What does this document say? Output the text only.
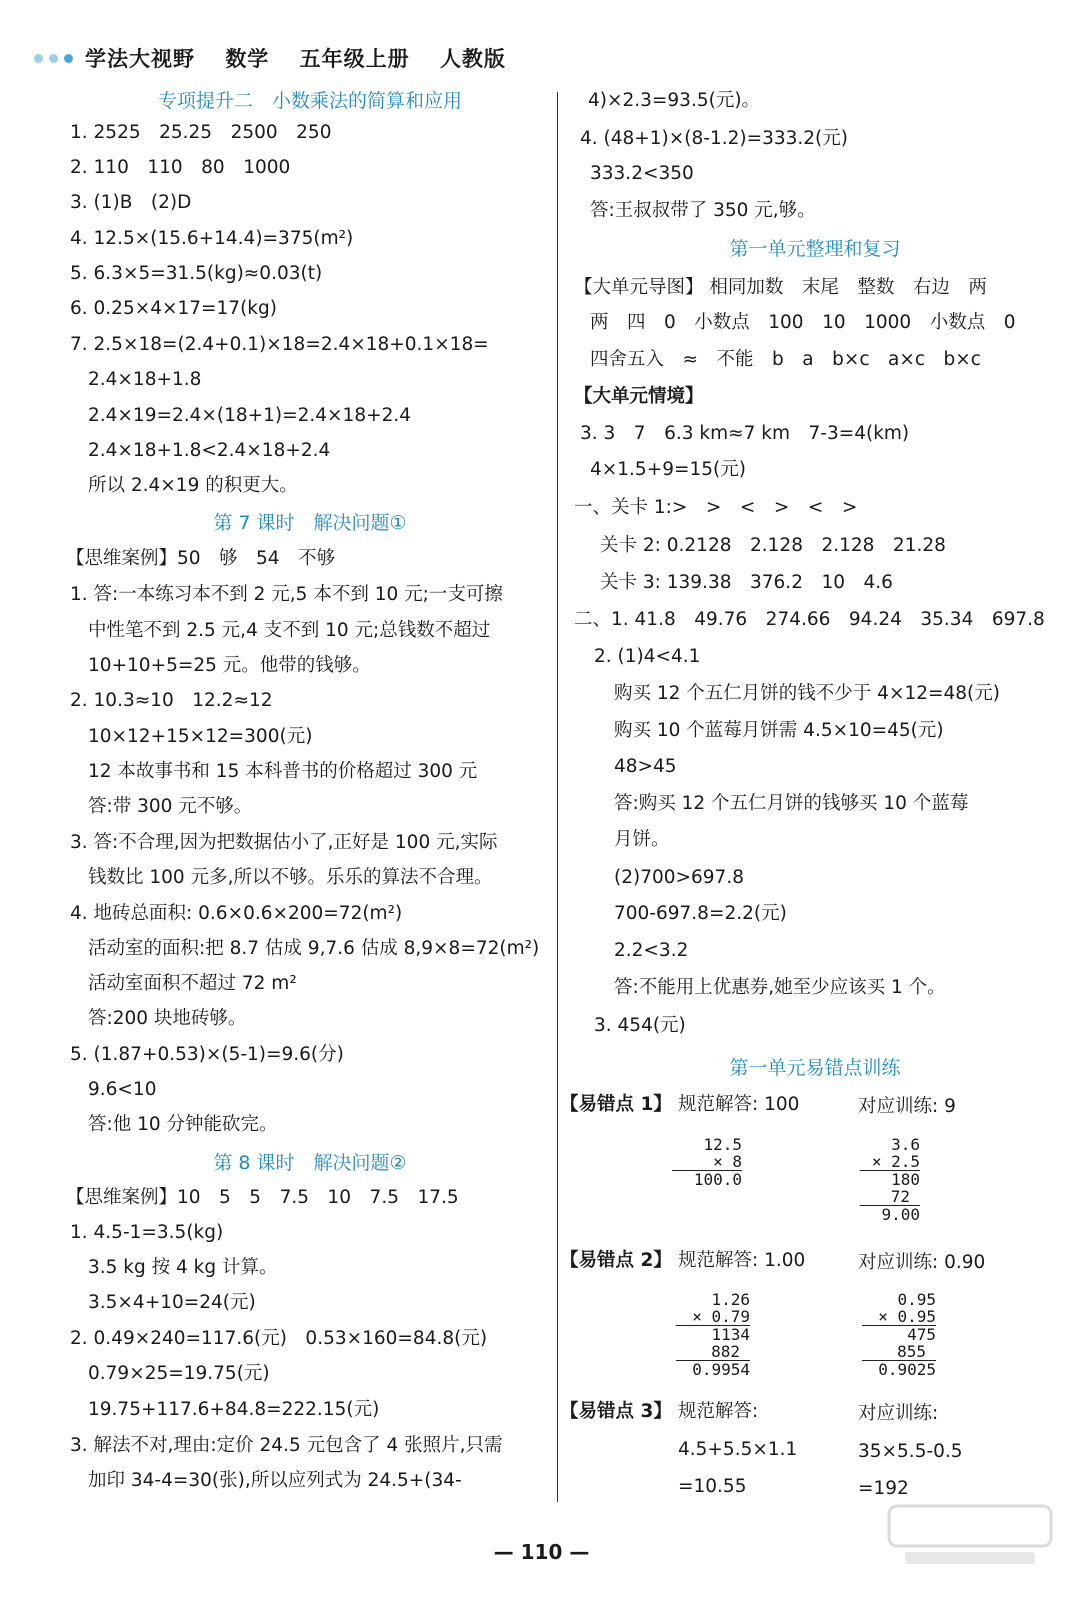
学法大视野 数学 五年级上册 人教版
专项提升二　小数乘法的简算和应用
1. 2525　25.25　2500　250
2. 110　110　80　1000
3. (1)B　(2)D
4. 12.5×(15.6+14.4)=375(m²)
5. 6.3×5=31.5(kg)≈0.03(t)
6. 0.25×4×17=17(kg)
7. 2.5×18=(2.4+0.1)×18=2.4×18+0.1×18=
2.4×18+1.8
2.4×19=2.4×(18+1)=2.4×18+2.4
2.4×18+1.8<2.4×18+2.4
所以 2.4×19 的积更大。
第 7 课时　解决问题①
【思维案例】50　够　54　不够
1. 答:一本练习本不到 2 元,5 本不到 10 元;一支可擦
中性笔不到 2.5 元,4 支不到 10 元;总钱数不超过
10+10+5=25 元。他带的钱够。
2. 10.3≈10　12.2≈12
10×12+15×12=300(元)
12 本故事书和 15 本科普书的价格超过 300 元
答:带 300 元不够。
3. 答:不合理,因为把数据估小了,正好是 100 元,实际
钱数比 100 元多,所以不够。乐乐的算法不合理。
4. 地砖总面积: 0.6×0.6×200=72(m²)
活动室的面积:把 8.7 估成 9,7.6 估成 8,9×8=72(m²)
活动室面积不超过 72 m²
答:200 块地砖够。
5. (1.87+0.53)×(5-1)=9.6(分)
9.6<10
答:他 10 分钟能砍完。
第 8 课时　解决问题②
【思维案例】10　5　5　7.5　10　7.5　17.5
1. 4.5-1=3.5(kg)
3.5 kg 按 4 kg 计算。
3.5×4+10=24(元)
2. 0.49×240=117.6(元)　0.53×160=84.8(元)
0.79×25=19.75(元)
19.75+117.6+84.8=222.15(元)
3. 解法不对,理由:定价 24.5 元包含了 4 张照片,只需
加印 34-4=30(张),所以应列式为 24.5+(34-
4)×2.3=93.5(元)。
4. (48+1)×(8-1.2)=333.2(元)
333.2<350
答:王叔叔带了 350 元,够。
第一单元整理和复习
【大单元导图】 相同加数　末尾　整数　右边　两
两　四　0　小数点　100　10　1000　小数点　0
四舍五入　≈　不能　b　a　b×c　a×c　b×c
【大单元情境】
3. 3　7　6.3 km≈7 km　7-3=4(km)
4×1.5+9=15(元)
一、关卡 1:>　>　<　>　<　>
关卡 2: 0.2128　2.128　2.128　21.28
关卡 3: 139.38　376.2　10　4.6
二、1. 41.8　49.76　274.66　94.24　35.34　697.8
2. (1)4<4.1
购买 12 个五仁月饼的钱不少于 4×12=48(元)
购买 10 个蓝莓月饼需 4.5×10=45(元)
48>45
答:购买 12 个五仁月饼的钱够买 10 个蓝莓
月饼。
(2)700>697.8
700-697.8=2.2(元)
2.2<3.2
答:不能用上优惠券,她至少应该买 1 个。
3. 454(元)
第一单元易错点训练
【易错点 1】 规范解答: 100	对应训练: 9
12.5
× 8
100.0
3.6
× 2.5
180
72
9.00
【易错点 2】 规范解答: 1.00	对应训练: 0.90
1.26
× 0.79
1134
882
0.9954
0.95
× 0.95
475
855
0.9025
【易错点 3】 规范解答:	对应训练:
4.5+5.5×1.1	35×5.5-0.5
=10.55	=192
— 110 —
